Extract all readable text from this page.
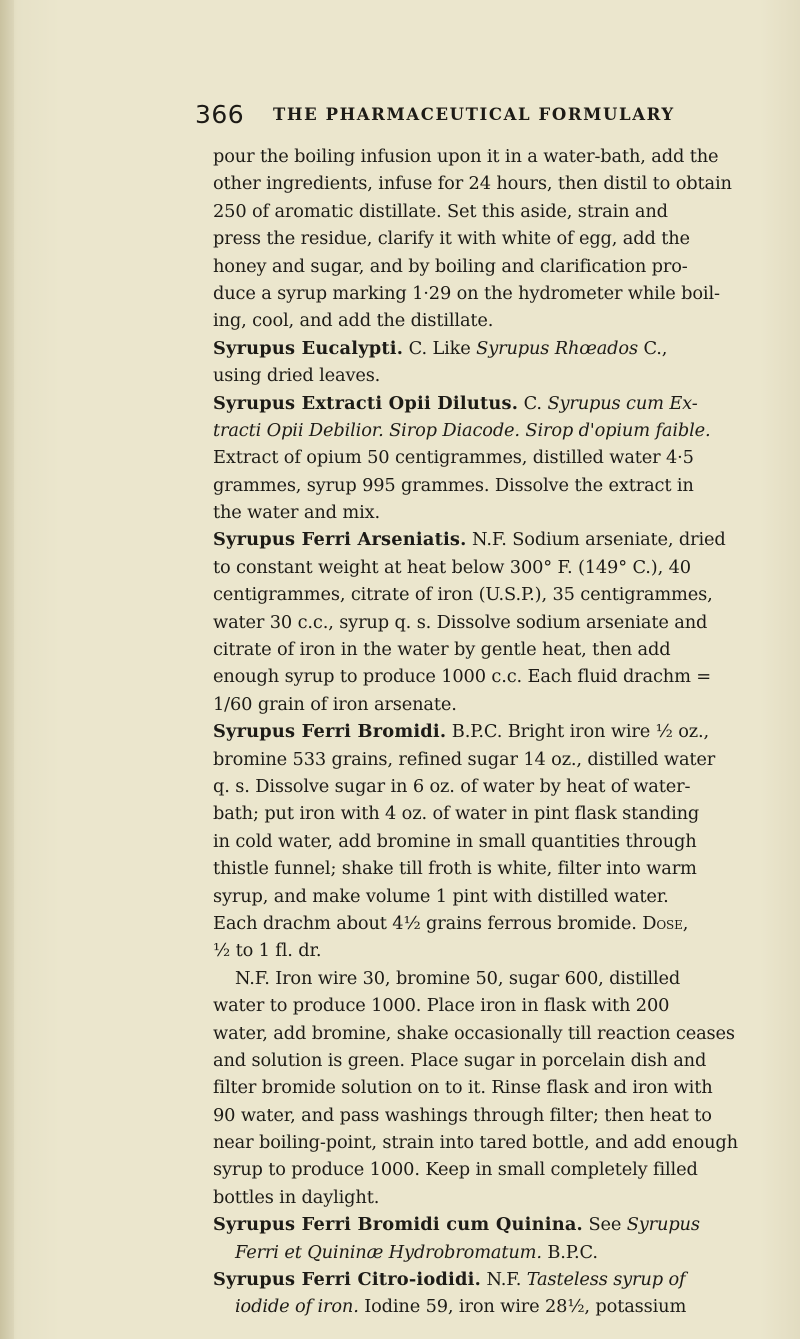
366 THE PHARMACEUTICAL FORMULARY
pour the boiling infusion upon it in a water-bath, add the
other ingredients, infuse for 24 hours, then distil to obtain
250 of aromatic distillate. Set this aside, strain and
press the residue, clarify it with white of egg, add the
honey and sugar, and by boiling and clarification pro-
duce a syrup marking 1·29 on the hydrometer while boil-
ing, cool, and add the distillate.
Syrupus Eucalypti. C. Like Syrupus Rhœados C.,
using dried leaves.
Syrupus Extracti Opii Dilutus. C. Syrupus cum Ex-
tracti Opii Debilior. Sirop Diacode. Sirop d'opium faible.
Extract of opium 50 centigrammes, distilled water 4·5
grammes, syrup 995 grammes. Dissolve the extract in
the water and mix.
Syrupus Ferri Arseniatis. N.F. Sodium arseniate, dried
to constant weight at heat below 300° F. (149° C.), 40
centigrammes, citrate of iron (U.S.P.), 35 centigrammes,
water 30 c.c., syrup q. s. Dissolve sodium arseniate and
citrate of iron in the water by gentle heat, then add
enough syrup to produce 1000 c.c. Each fluid drachm =
1/60 grain of iron arsenate.
Syrupus Ferri Bromidi. B.P.C. Bright iron wire ½ oz.,
bromine 533 grains, refined sugar 14 oz., distilled water
q. s. Dissolve sugar in 6 oz. of water by heat of water-
bath; put iron with 4 oz. of water in pint flask standing
in cold water, add bromine in small quantities through
thistle funnel; shake till froth is white, filter into warm
syrup, and make volume 1 pint with distilled water.
Each drachm about 4½ grains ferrous bromide. Dose,
½ to 1 fl. dr.
N.F. Iron wire 30, bromine 50, sugar 600, distilled
water to produce 1000. Place iron in flask with 200
water, add bromine, shake occasionally till reaction ceases
and solution is green. Place sugar in porcelain dish and
filter bromide solution on to it. Rinse flask and iron with
90 water, and pass washings through filter; then heat to
near boiling-point, strain into tared bottle, and add enough
syrup to produce 1000. Keep in small completely filled
bottles in daylight.
Syrupus Ferri Bromidi cum Quinina. See Syrupus
Ferri et Quininæ Hydrobromatum. B.P.C.
Syrupus Ferri Citro-iodidi. N.F. Tasteless syrup of
iodide of iron. Iodine 59, iron wire 28½, potassium
